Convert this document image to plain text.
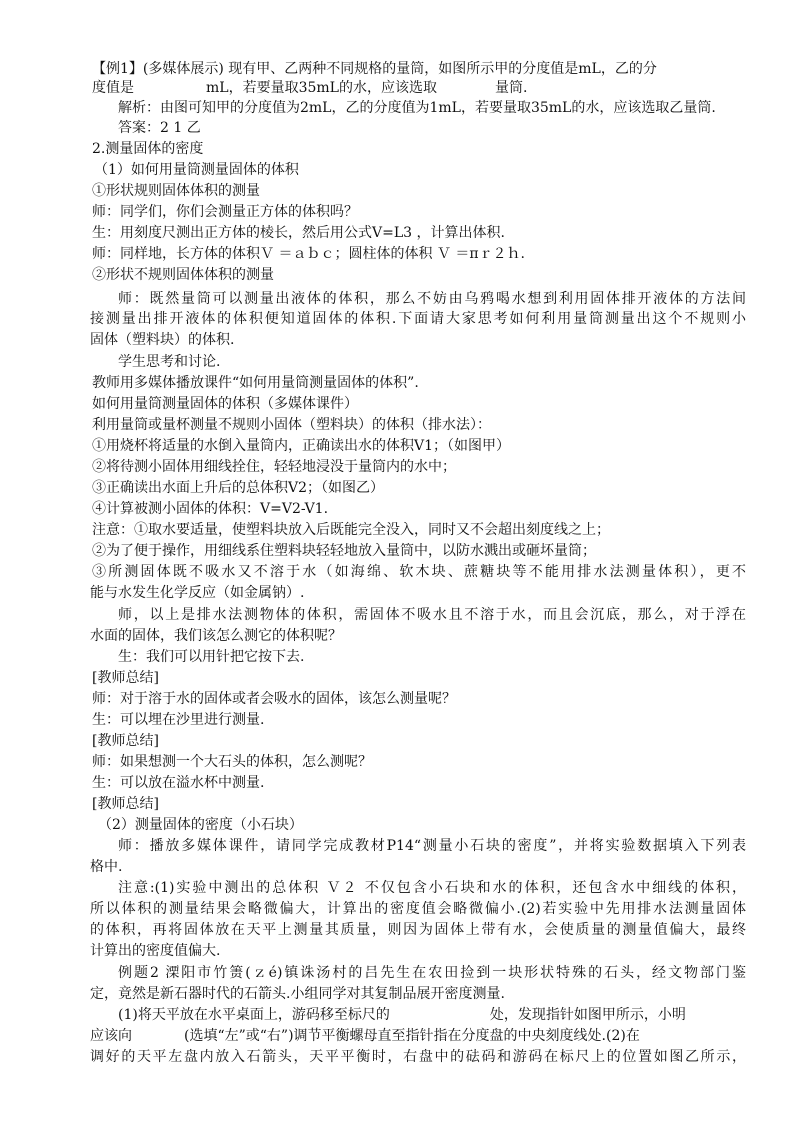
【例1】(多媒体展示) 现有甲、乙两种不同规格的量筒，如图所示甲的分度值是mL，乙的分
度值是	mL，若要量取35mL的水，应该选取	量筒.
解析：由图可知甲的分度值为2mL，乙的分度值为1mL，若要量取35mL的水，应该选取乙量筒.
答案：2 1 乙
2.测量固体的密度
（1）如何用量筒测量固体的体积
①形状规则固体体积的测量
师：同学们，你们会测量正方体的体积吗？
生：用刻度尺测出正方体的棱长，然后用公式V=L3 ，计算出体积.
师：同样地，长方体的体积Ｖ ＝ａｂｃ；圆柱体的体积 Ｖ ＝πｒ２ｈ.
②形状不规则固体体积的测量
师：既然量筒可以测量出液体的体积，那么不妨由乌鸦喝水想到利用固体排开液体的方法间
接测量出排开液体的体积便知道固体的体积.下面请大家思考如何利用量筒测量出这个不规则小
固体（塑料块）的体积.
学生思考和讨论.
教师用多媒体播放课件“如何用量筒测量固体的体积”.
如何用量筒测量固体的体积（多媒体课件）
利用量筒或量杯测量不规则小固体（塑料块）的体积（排水法）：
①用烧杯将适量的水倒入量筒内，正确读出水的体积V1；（如图甲）
②将待测小固体用细线拴住，轻轻地浸没于量筒内的水中；
③正确读出水面上升后的总体积V2；（如图乙）
④计算被测小固体的体积：V=V2-V1.
注意：①取水要适量，使塑料块放入后既能完全没入，同时又不会超出刻度线之上；
②为了便于操作，用细线系住塑料块轻轻地放入量筒中，以防水溅出或砸坏量筒；
③所测固体既不吸水又不溶于水（如海绵、软木块、蔗糖块等不能用排水法测量体积），更不
能与水发生化学反应（如金属钠）.
师，以上是排水法测物体的体积，需固体不吸水且不溶于水，而且会沉底，那么，对于浮在
水面的固体，我们该怎么测它的体积呢？
生：我们可以用针把它按下去.
[教师总结]
师：对于溶于水的固体或者会吸水的固体，该怎么测量呢？
生：可以埋在沙里进行测量.
[教师总结]
师：如果想测一个大石头的体积，怎么测呢？
生：可以放在溢水杯中测量.
[教师总结]
（2）测量固体的密度（小石块）
师：播放多媒体课件，请同学完成教材P14“测量小石块的密度”，并将实验数据填入下列表
格中.
注意:(1)实验中测出的总体积 Ｖ２ 不仅包含小石块和水的体积，还包含水中细线的体积，
所以体积的测量结果会略微偏大，计算出的密度值会略微偏小.(2)若实验中先用排水法测量固体
的体积，再将固体放在天平上测量其质量，则因为固体上带有水，会使质量的测量值偏大，最终
计算出的密度值偏大.
例题2 溧阳市竹箦(ｚé)镇诛汤村的吕先生在农田捡到一块形状特殊的石头，经文物部门鉴
定，竟然是新石器时代的石箭头.小组同学对其复制品展开密度测量.
(1)将天平放在水平桌面上，游码移至标尺的	处，发现指针如图甲所示，小明
应该向	(选填“左”或“右”)调节平衡螺母直至指针指在分度盘的中央刻度线处.(2)在
调好的天平左盘内放入石箭头，天平平衡时，右盘中的砝码和游码在标尺上的位置如图乙所示，
